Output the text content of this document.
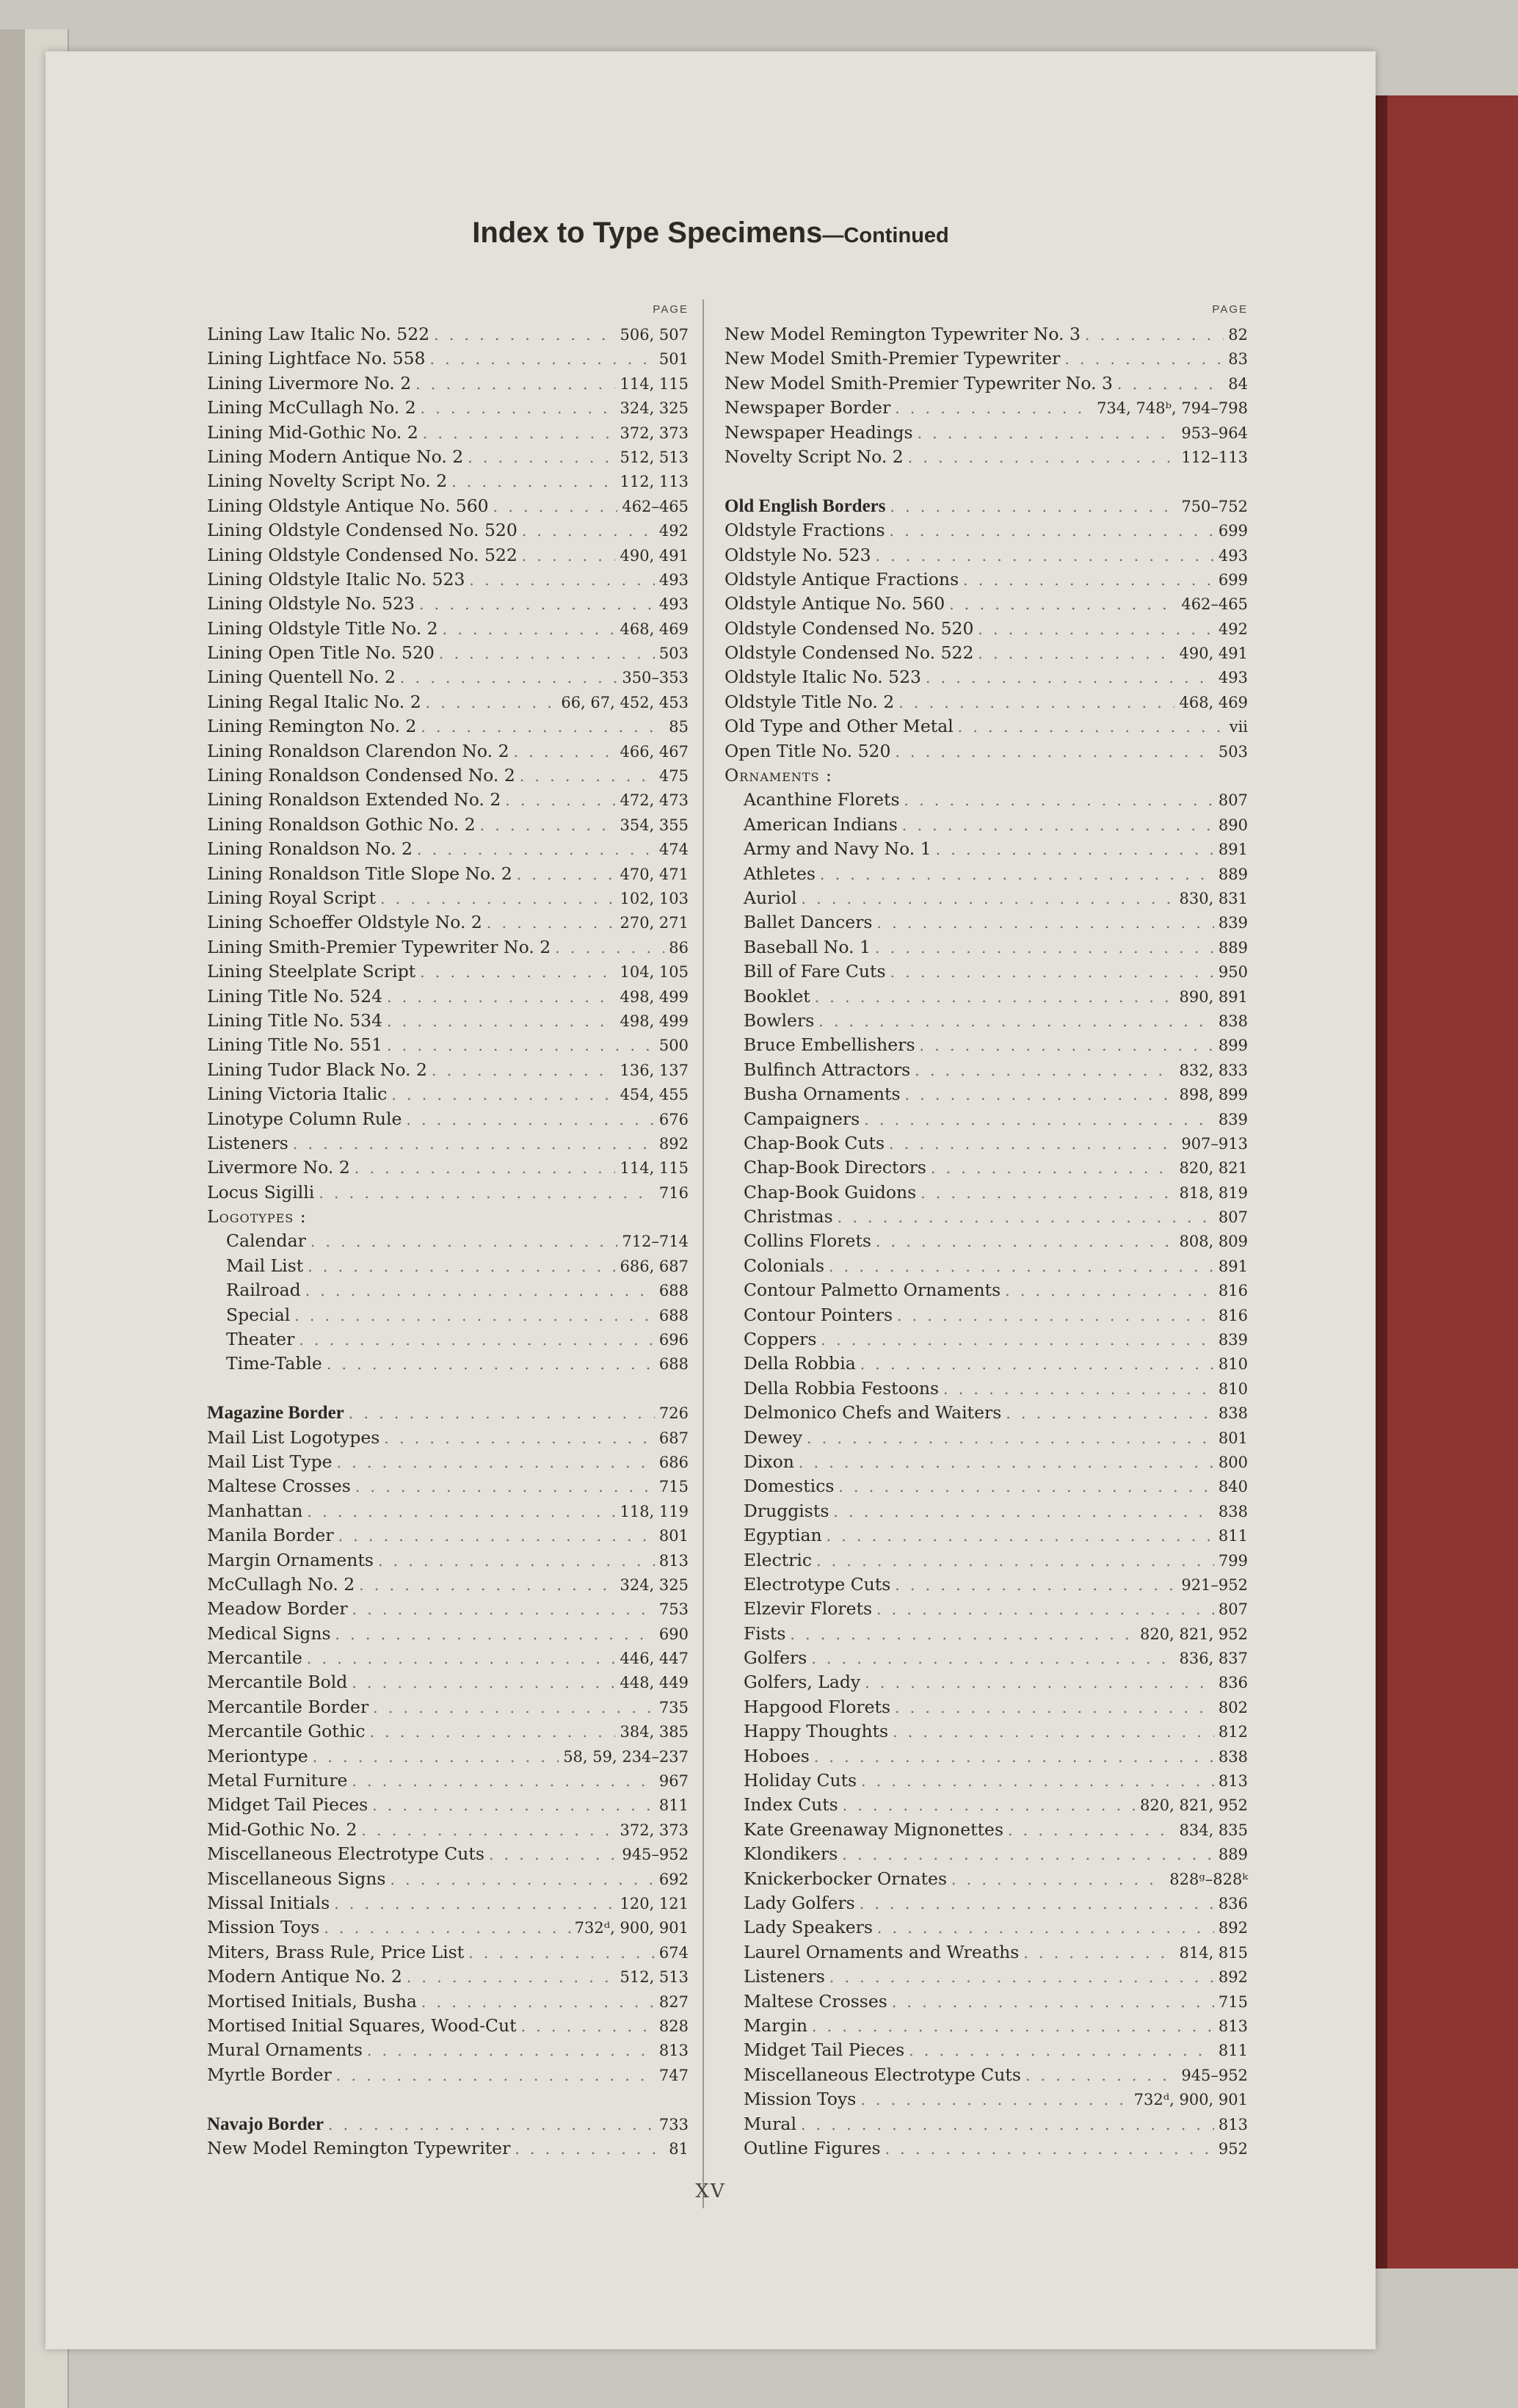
Index to Type Specimens—Continued
PAGE
Lining Law Italic No. 522 . . .	506, 507
Lining Lightface No. 558 . . .	501
Lining Livermore No. 2 . . .	114, 115
Lining McCullagh No. 2 . . .	324, 325
Lining Mid-Gothic No. 2 . . .	372, 373
Lining Modern Antique No. 2 . . .	512, 513
Lining Novelty Script No. 2 . . .	112, 113
Lining Oldstyle Antique No. 560 . . .	462–465
Lining Oldstyle Condensed No. 520 . . .	492
Lining Oldstyle Condensed No. 522 . . .	490, 491
Lining Oldstyle Italic No. 523 . . .	493
Lining Oldstyle No. 523 . . .	493
Lining Oldstyle Title No. 2 . . .	468, 469
Lining Open Title No. 520 . . .	503
Lining Quentell No. 2 . . .	350–353
Lining Regal Italic No. 2 . . .	66, 67, 452, 453
Lining Remington No. 2 . . .	85
Lining Ronaldson Clarendon No. 2 . . .	466, 467
Lining Ronaldson Condensed No. 2 . . .	475
Lining Ronaldson Extended No. 2 . . .	472, 473
Lining Ronaldson Gothic No. 2 . . .	354, 355
Lining Ronaldson No. 2 . . .	474
Lining Ronaldson Title Slope No. 2 . . .	470, 471
Lining Royal Script . . .	102, 103
Lining Schoeffer Oldstyle No. 2 . . .	270, 271
Lining Smith-Premier Typewriter No. 2 . . .	86
Lining Steelplate Script . . .	104, 105
Lining Title No. 524 . . .	498, 499
Lining Title No. 534 . . .	498, 499
Lining Title No. 551 . . .	500
Lining Tudor Black No. 2 . . .	136, 137
Lining Victoria Italic . . .	454, 455
Linotype Column Rule . . .	676
Listeners . . .	892
Livermore No. 2 . . .	114, 115
Locus Sigilli . . .	716
Logotypes :
Calendar . . .	712–714
Mail List . . .	686, 687
Railroad . . .	688
Special . . .	688
Theater . . .	696
Time-Table . . .	688
Magazine Border . . .	726
Mail List Logotypes . . .	687
Mail List Type . . .	686
Maltese Crosses . . .	715
Manhattan . . .	118, 119
Manila Border . . .	801
Margin Ornaments . . .	813
McCullagh No. 2 . . .	324, 325
Meadow Border . . .	753
Medical Signs . . .	690
Mercantile . . .	446, 447
Mercantile Bold . . .	448, 449
Mercantile Border . . .	735
Mercantile Gothic . . .	384, 385
Meriontype . . .	58, 59, 234–237
Metal Furniture . . .	967
Midget Tail Pieces . . .	811
Mid-Gothic No. 2 . . .	372, 373
Miscellaneous Electrotype Cuts . . .	945–952
Miscellaneous Signs . . .	692
Missal Initials . . .	120, 121
Mission Toys . . .	732ᵈ, 900, 901
Miters, Brass Rule, Price List . . .	674
Modern Antique No. 2 . . .	512, 513
Mortised Initials, Busha . . .	827
Mortised Initial Squares, Wood-Cut . . .	828
Mural Ornaments . . .	813
Myrtle Border . . .	747
Navajo Border . . .	733
New Model Remington Typewriter . . .	81
PAGE
New Model Remington Typewriter No. 3 . . .	82
New Model Smith-Premier Typewriter . . .	83
New Model Smith-Premier Typewriter No. 3 . . .	84
Newspaper Border . . .	734, 748ᵇ, 794–798
Newspaper Headings . . .	953–964
Novelty Script No. 2 . . .	112–113
Old English Borders . . .	750–752
Oldstyle Fractions . . .	699
Oldstyle No. 523 . . .	493
Oldstyle Antique Fractions . . .	699
Oldstyle Antique No. 560 . . .	462–465
Oldstyle Condensed No. 520 . . .	492
Oldstyle Condensed No. 522 . . .	490, 491
Oldstyle Italic No. 523 . . .	493
Oldstyle Title No. 2 . . .	468, 469
Old Type and Other Metal . . .	vii
Open Title No. 520 . . .	503
Ornaments :
Acanthine Florets . . .	807
American Indians . . .	890
Army and Navy No. 1 . . .	891
Athletes . . .	889
Auriol . . .	830, 831
Ballet Dancers . . .	839
Baseball No. 1 . . .	889
Bill of Fare Cuts . . .	950
Booklet . . .	890, 891
Bowlers . . .	838
Bruce Embellishers . . .	899
Bulfinch Attractors . . .	832, 833
Busha Ornaments . . .	898, 899
Campaigners . . .	839
Chap-Book Cuts . . .	907–913
Chap-Book Directors . . .	820, 821
Chap-Book Guidons . . .	818, 819
Christmas . . .	807
Collins Florets . . .	808, 809
Colonials . . .	891
Contour Palmetto Ornaments . . .	816
Contour Pointers . . .	816
Coppers . . .	839
Della Robbia . . .	810
Della Robbia Festoons . . .	810
Delmonico Chefs and Waiters . . .	838
Dewey . . .	801
Dixon . . .	800
Domestics . . .	840
Druggists . . .	838
Egyptian . . .	811
Electric . . .	799
Electrotype Cuts . . .	921–952
Elzevir Florets . . .	807
Fists . . .	820, 821, 952
Golfers . . .	836, 837
Golfers, Lady . . .	836
Hapgood Florets . . .	802
Happy Thoughts . . .	812
Hoboes . . .	838
Holiday Cuts . . .	813
Index Cuts . . .	820, 821, 952
Kate Greenaway Mignonettes . . .	834, 835
Klondikers . . .	889
Knickerbocker Ornates . . .	828ᵍ–828ᵏ
Lady Golfers . . .	836
Lady Speakers . . .	892
Laurel Ornaments and Wreaths . . .	814, 815
Listeners . . .	892
Maltese Crosses . . .	715
Margin . . .	813
Midget Tail Pieces . . .	811
Miscellaneous Electrotype Cuts . . .	945–952
Mission Toys . . .	732ᵈ, 900, 901
Mural . . .	813
Outline Figures . . .	952
XV
